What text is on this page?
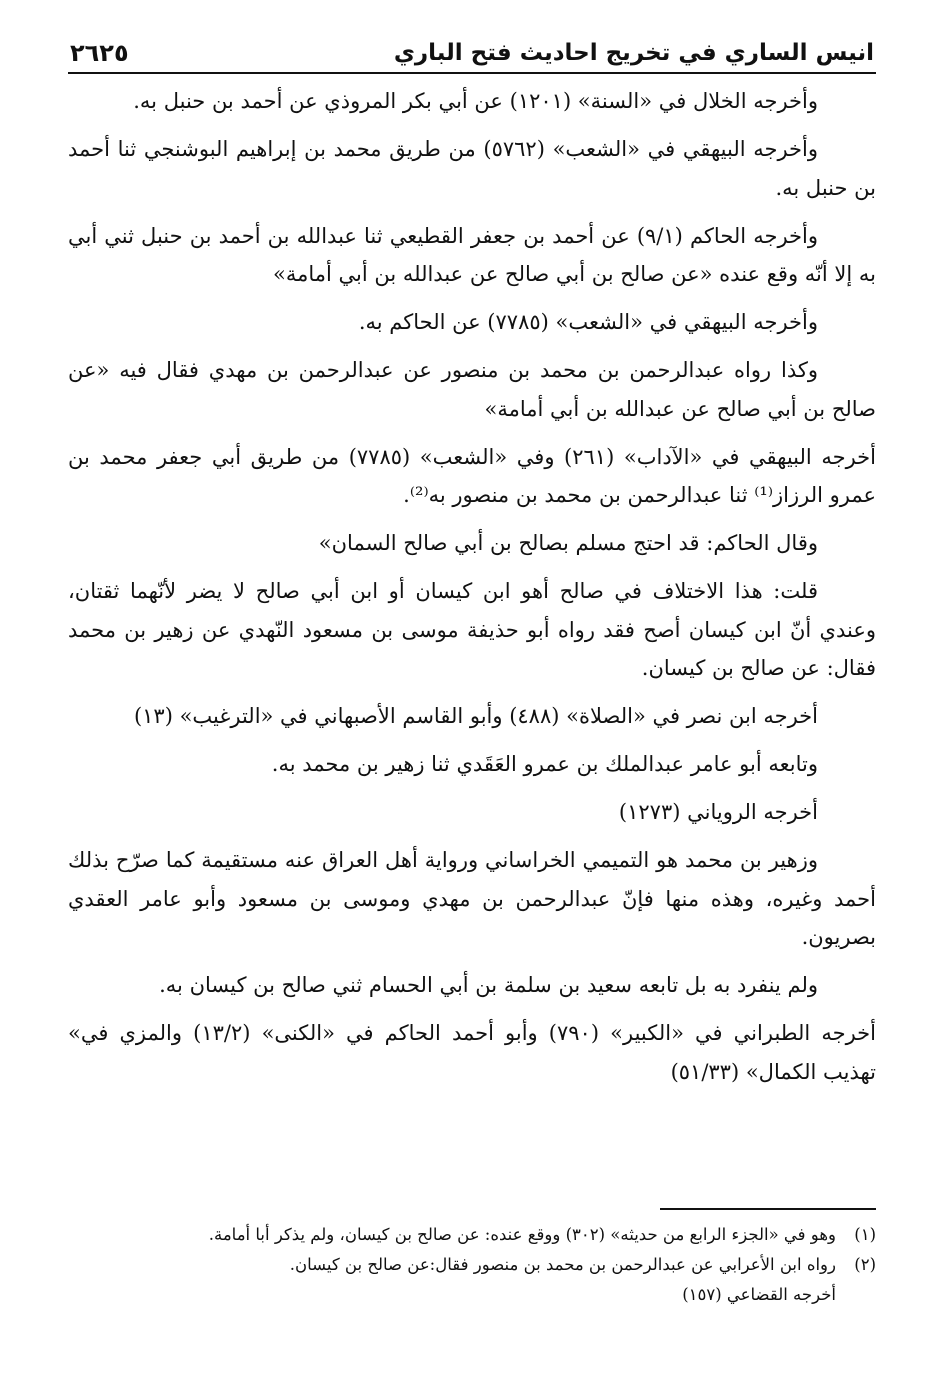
انيس الساري في تخريج احاديث فتح الباري
٢٦٢٥

وأخرجه الخلال في «السنة» (١٢٠١) عن أبي بكر المروذي عن أحمد بن حنبل به.

وأخرجه البيهقي في «الشعب» (٥٧٦٢) من طريق محمد بن إبراهيم البوشنجي ثنا أحمد بن حنبل به.

وأخرجه الحاكم (٩/١) عن أحمد بن جعفر القطيعي ثنا عبدالله بن أحمد بن حنبل ثني أبي به إلا أنّه وقع عنده «عن صالح بن أبي صالح عن عبدالله بن أبي أمامة»

وأخرجه البيهقي في «الشعب» (٧٧٨٥) عن الحاكم به.

وكذا رواه عبدالرحمن بن محمد بن منصور عن عبدالرحمن بن مهدي فقال فيه «عن صالح بن أبي صالح عن عبدالله بن أبي أمامة»

أخرجه البيهقي في «الآداب» (٢٦١) وفي «الشعب» (٧٧٨٥) من طريق أبي جعفر محمد بن عمرو الرزاز⁽¹⁾ ثنا عبدالرحمن بن محمد بن منصور به⁽²⁾.

وقال الحاكم: قد احتج مسلم بصالح بن أبي صالح السمان»

قلت: هذا الاختلاف في صالح أهو ابن كيسان أو ابن أبي صالح لا يضر لأنّهما ثقتان، وعندي أنّ ابن كيسان أصح فقد رواه أبو حذيفة موسى بن مسعود النّهدي عن زهير بن محمد فقال: عن صالح بن كيسان.

أخرجه ابن نصر في «الصلاة» (٤٨٨) وأبو القاسم الأصبهاني في «الترغيب» (١٣)

وتابعه أبو عامر عبدالملك بن عمرو العَقَدي ثنا زهير بن محمد به.

أخرجه الروياني (١٢٧٣)

وزهير بن محمد هو التميمي الخراساني ورواية أهل العراق عنه مستقيمة كما صرّح بذلك أحمد وغيره، وهذه منها فإنّ عبدالرحمن بن مهدي وموسى بن مسعود وأبو عامر العقدي بصريون.

ولم ينفرد به بل تابعه سعيد بن سلمة بن أبي الحسام ثني صالح بن كيسان به.

أخرجه الطبراني في «الكبير» (٧٩٠) وأبو أحمد الحاكم في «الكنى» (١٣/٢) والمزي في» تهذيب الكمال» (٥١/٣٣)

(١)
وهو في «الجزء الرابع من حديثه» (٣٠٢) ووقع عنده: عن صالح بن كيسان، ولم يذكر أبا أمامة.
(٢)
رواه ابن الأعرابي عن عبدالرحمن بن محمد بن منصور فقال:عن صالح بن كيسان.
أخرجه القضاعي (١٥٧)
